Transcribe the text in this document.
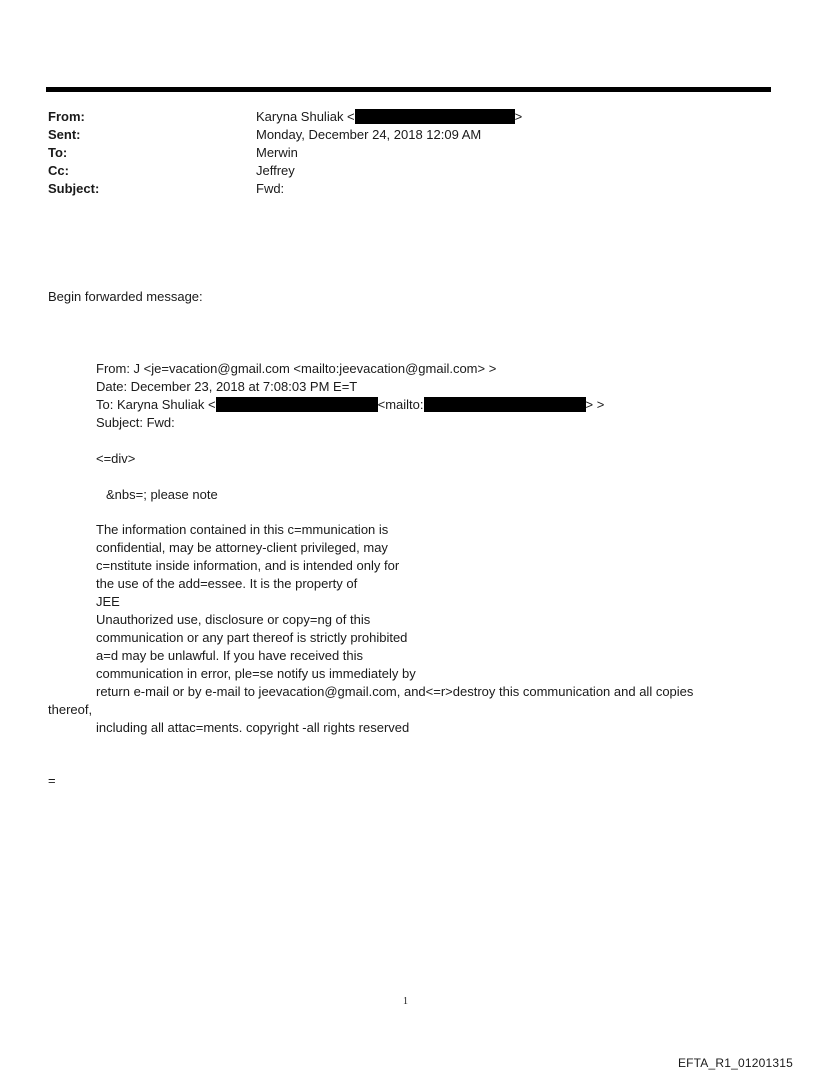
From:	Karyna Shuliak <	>
Sent:	Monday, December 24, 2018 12:09 AM
To:	Merwin
Cc:	Jeffrey
Subject:	Fwd:
Begin forwarded message:
From: J <je=vacation@gmail.com <mailto:jeevacation@gmail.com> >
Date: December 23, 2018 at 7:08:03 PM E=T
To: Karyna Shuliak <	<mailto:	> >
Subject: Fwd:
<=div>
&nbs=; please note
The information contained in this c=mmunication is
confidential, may be attorney-client privileged, may
c=nstitute inside information, and is intended only for
the use of the add=essee. It is the property of
JEE
Unauthorized use, disclosure or copy=ng of this
communication or any part thereof is strictly prohibited
a=d may be unlawful. If you have received this
communication in error, ple=se notify us immediately by
return e-mail or by e-mail to jeevacation@gmail.com, and<=r>destroy this communication and all copies
thereof,
including all attac=ments. copyright -all rights reserved
=
1
EFTA_R1_01201315
